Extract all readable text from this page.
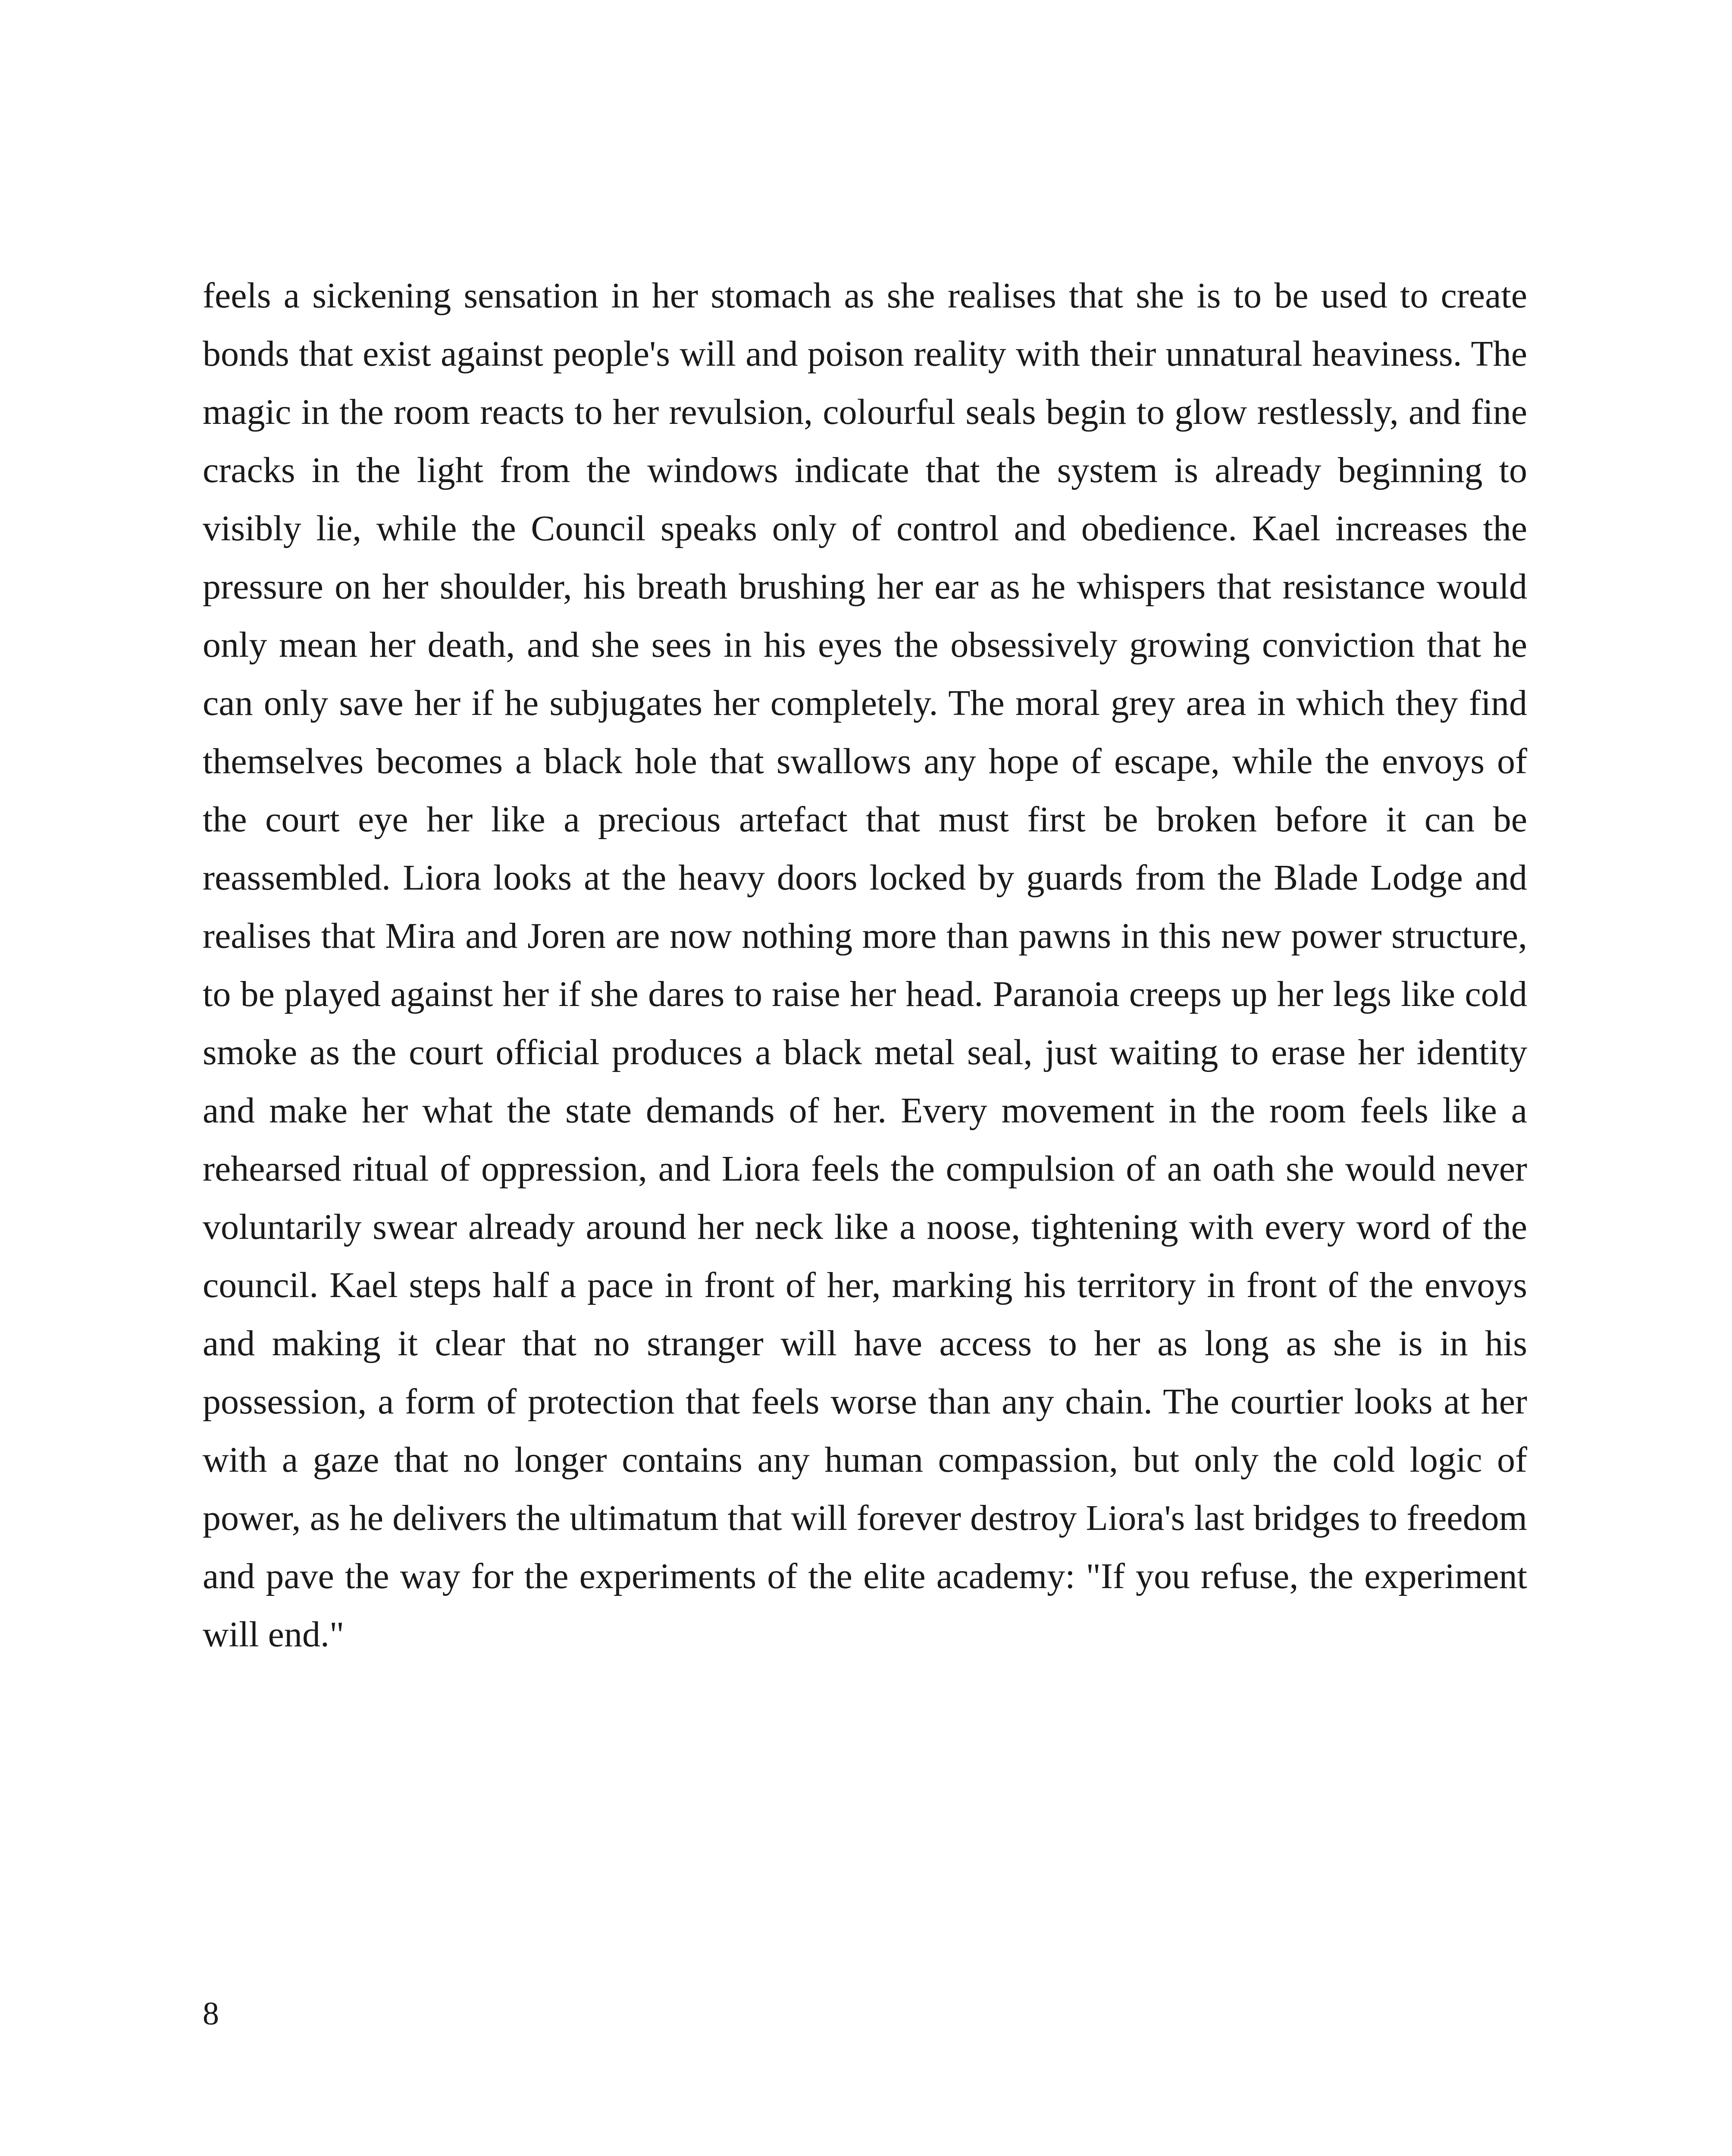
feels a sickening sensation in her stomach as she realises that she is to be used to create bonds that exist against people's will and poison reality with their unnatural heaviness. The magic in the room reacts to her revulsion, colourful seals begin to glow restlessly, and fine cracks in the light from the windows indicate that the system is already beginning to visibly lie, while the Council speaks only of control and obedience. Kael increases the pressure on her shoulder, his breath brushing her ear as he whispers that resistance would only mean her death, and she sees in his eyes the obsessively growing conviction that he can only save her if he subjugates her completely. The moral grey area in which they find themselves becomes a black hole that swallows any hope of escape, while the envoys of the court eye her like a precious artefact that must first be broken before it can be reassembled. Liora looks at the heavy doors locked by guards from the Blade Lodge and realises that Mira and Joren are now nothing more than pawns in this new power structure, to be played against her if she dares to raise her head. Paranoia creeps up her legs like cold smoke as the court official produces a black metal seal, just waiting to erase her identity and make her what the state demands of her. Every movement in the room feels like a rehearsed ritual of oppression, and Liora feels the compulsion of an oath she would never voluntarily swear already around her neck like a noose, tightening with every word of the council. Kael steps half a pace in front of her, marking his territory in front of the envoys and making it clear that no stranger will have access to her as long as she is in his possession, a form of protection that feels worse than any chain. The courtier looks at her with a gaze that no longer contains any human compassion, but only the cold logic of power, as he delivers the ultimatum that will forever destroy Liora's last bridges to freedom and pave the way for the experiments of the elite academy: "If you refuse, the experiment will end."

8
